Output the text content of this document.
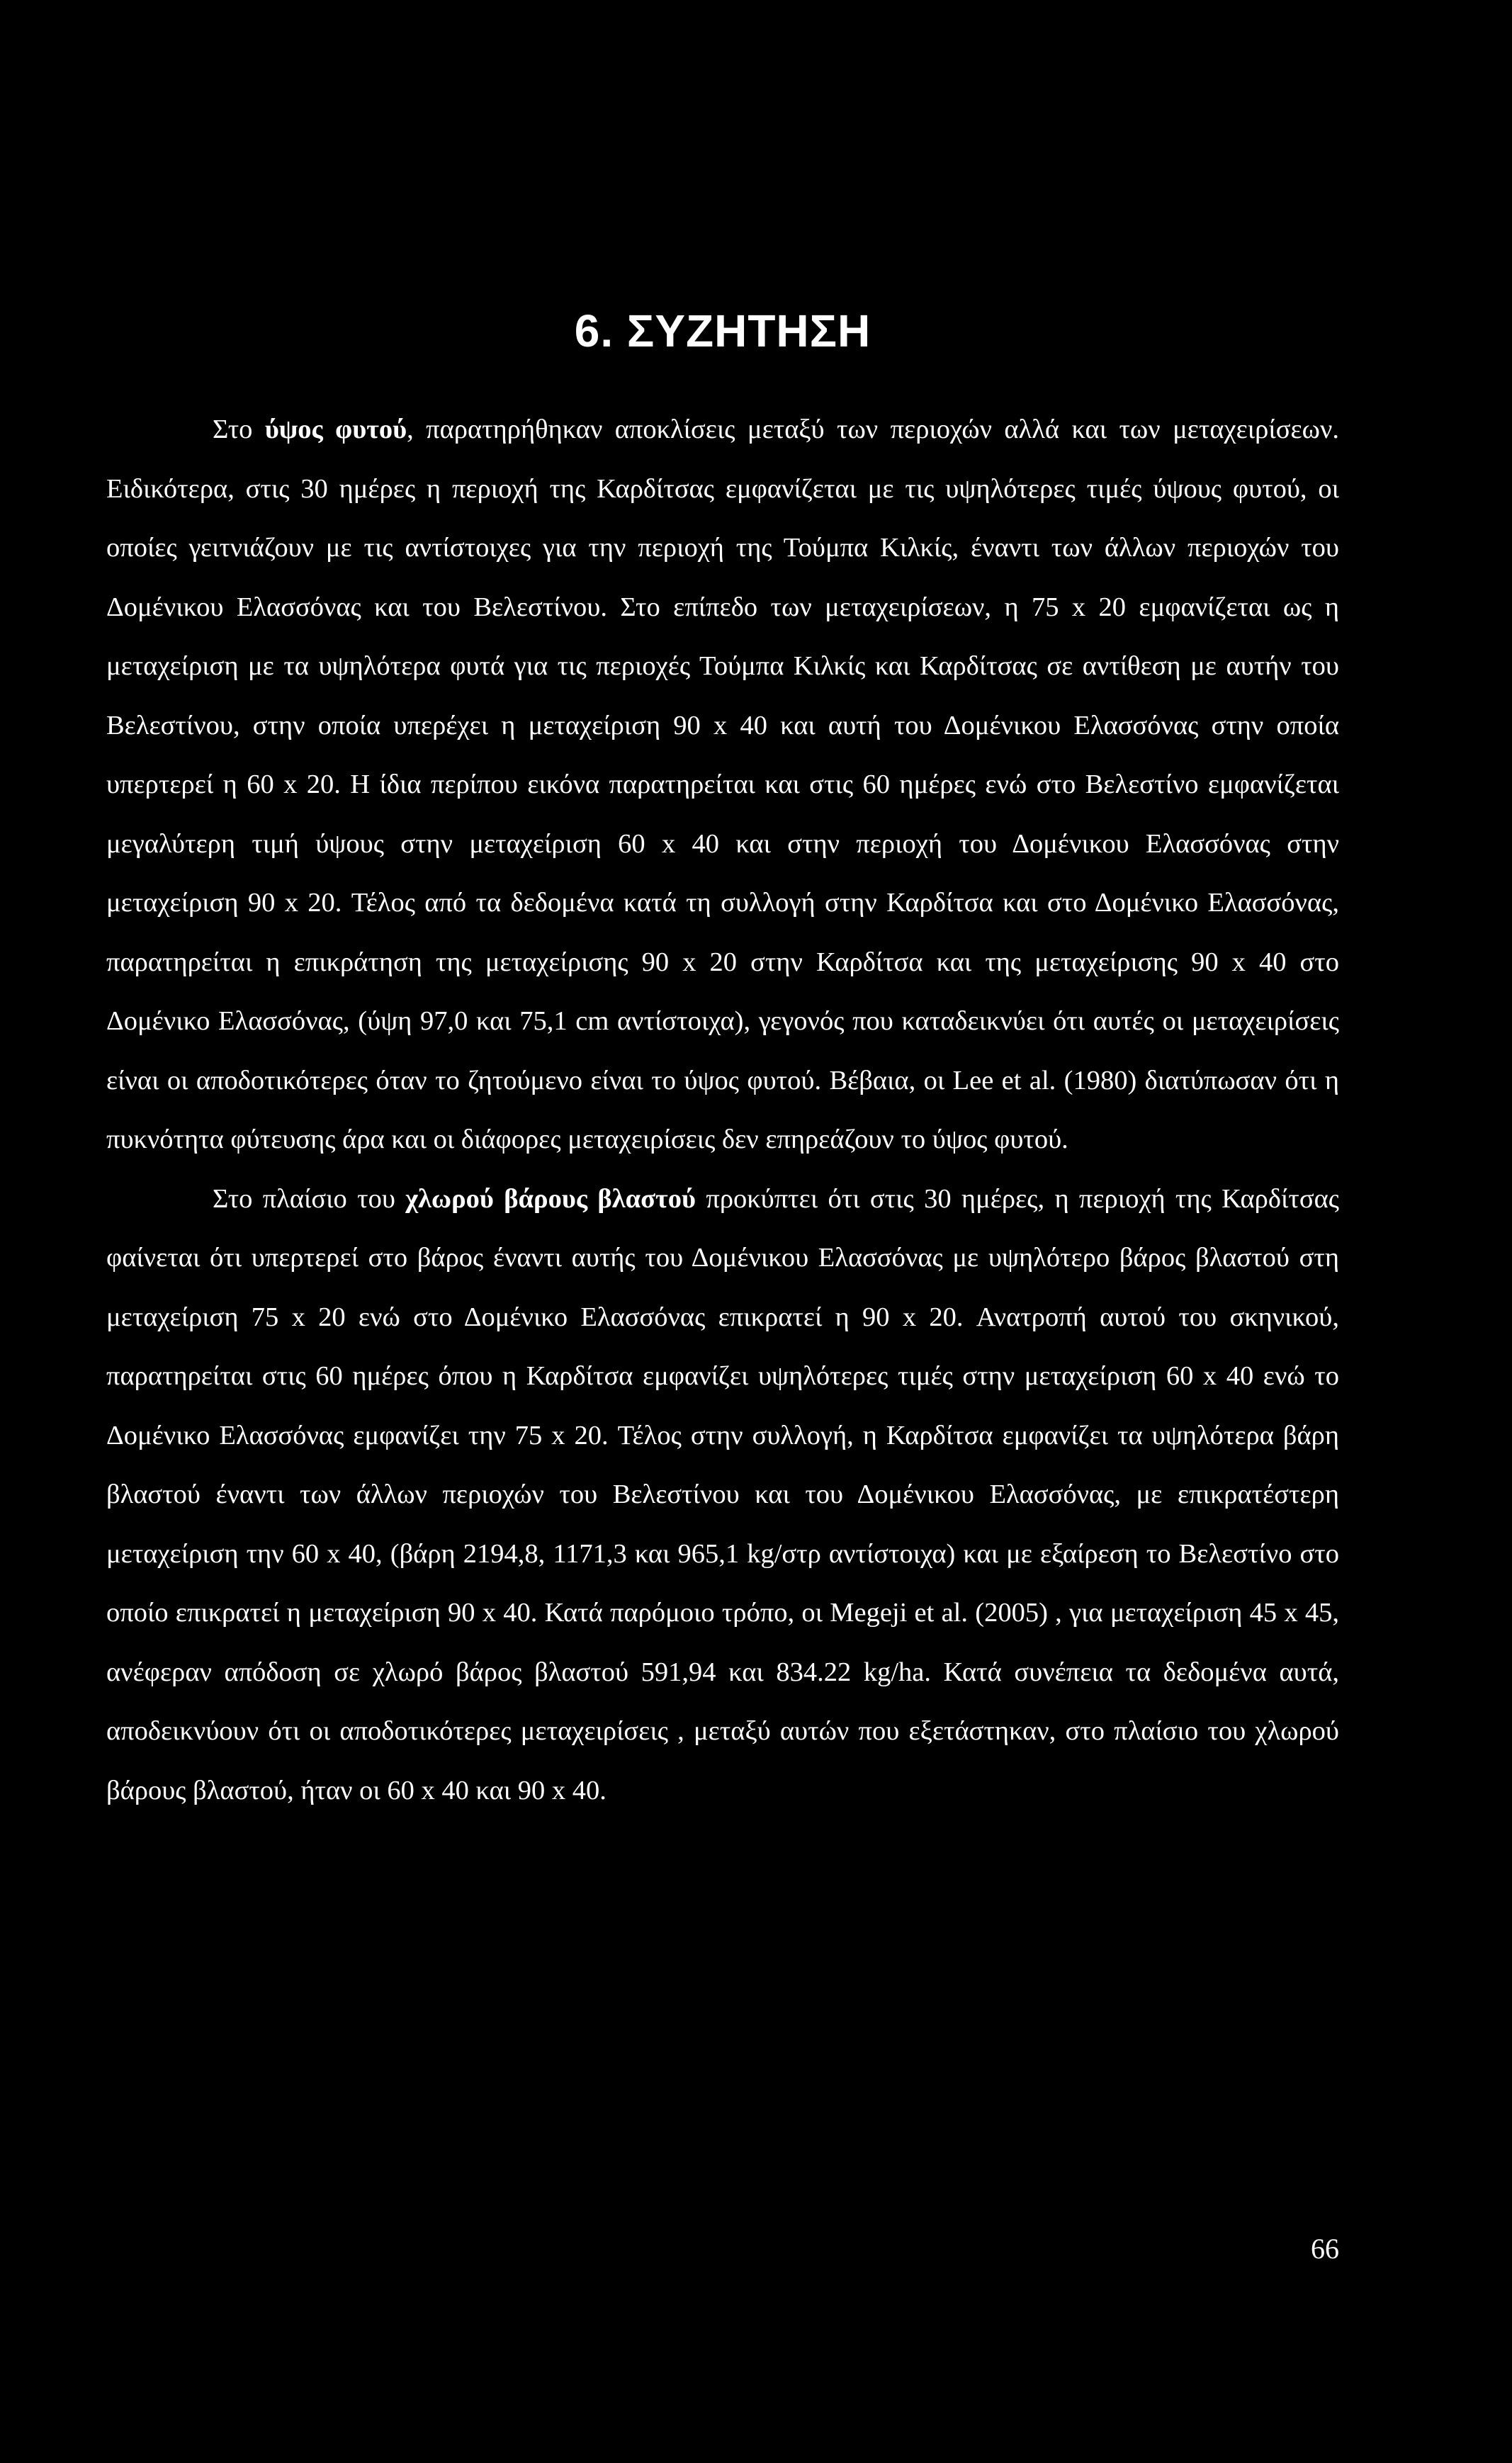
6. ΣΥΖΗΤΗΣΗ

Στο ύψος φυτού, παρατηρήθηκαν αποκλίσεις μεταξύ των περιοχών αλλά και των μεταχειρίσεων. Ειδικότερα, στις 30 ημέρες η περιοχή της Καρδίτσας εμφανίζεται με τις υψηλότερες τιμές ύψους φυτού, οι οποίες γειτνιάζουν με τις αντίστοιχες για την περιοχή της Τούμπα Κιλκίς, έναντι των άλλων περιοχών του Δομένικου Ελασσόνας και του Βελεστίνου. Στο επίπεδο των μεταχειρίσεων, η 75 x 20 εμφανίζεται ως η μεταχείριση με τα υψηλότερα φυτά για τις περιοχές Τούμπα Κιλκίς και Καρδίτσας σε αντίθεση με αυτήν του Βελεστίνου, στην οποία υπερέχει η μεταχείριση 90 x 40 και αυτή του Δομένικου Ελασσόνας στην οποία υπερτερεί η 60 x 20. Η ίδια περίπου εικόνα παρατηρείται και στις 60 ημέρες ενώ στο Βελεστίνο εμφανίζεται μεγαλύτερη τιμή ύψους στην μεταχείριση 60 x 40 και στην περιοχή του Δομένικου Ελασσόνας στην μεταχείριση 90 x 20. Τέλος από τα δεδομένα κατά τη συλλογή στην Καρδίτσα και στο Δομένικο Ελασσόνας, παρατηρείται η επικράτηση της μεταχείρισης 90 x 20 στην Καρδίτσα και της μεταχείρισης 90 x 40 στο Δομένικο Ελασσόνας, (ύψη 97,0 και 75,1 cm αντίστοιχα), γεγονός που καταδεικνύει ότι αυτές οι μεταχειρίσεις είναι οι αποδοτικότερες όταν το ζητούμενο είναι το ύψος φυτού. Βέβαια, οι Lee et al. (1980) διατύπωσαν ότι η πυκνότητα φύτευσης άρα και οι διάφορες μεταχειρίσεις δεν επηρεάζουν το ύψος φυτού.

Στο πλαίσιο του χλωρού βάρους βλαστού προκύπτει ότι στις 30 ημέρες, η περιοχή της Καρδίτσας φαίνεται ότι υπερτερεί στο βάρος έναντι αυτής του Δομένικου Ελασσόνας με υψηλότερο βάρος βλαστού στη μεταχείριση 75 x 20 ενώ στο Δομένικο Ελασσόνας επικρατεί η 90 x 20. Ανατροπή αυτού του σκηνικού, παρατηρείται στις 60 ημέρες όπου η Καρδίτσα εμφανίζει υψηλότερες τιμές στην μεταχείριση 60 x 40 ενώ το Δομένικο Ελασσόνας εμφανίζει την 75 x 20. Τέλος στην συλλογή, η Καρδίτσα εμφανίζει τα υψηλότερα βάρη βλαστού έναντι των άλλων περιοχών του Βελεστίνου και του Δομένικου Ελασσόνας, με επικρατέστερη μεταχείριση την 60 x 40, (βάρη 2194,8, 1171,3 και 965,1 kg/στρ αντίστοιχα) και με εξαίρεση το Βελεστίνο στο οποίο επικρατεί η μεταχείριση 90 x 40. Κατά παρόμοιο τρόπο, οι Megeji et al. (2005) , για μεταχείριση 45 x 45, ανέφεραν απόδοση σε χλωρό βάρος βλαστού 591,94 και 834.22 kg/ha. Κατά συνέπεια τα δεδομένα αυτά, αποδεικνύουν ότι οι αποδοτικότερες μεταχειρίσεις , μεταξύ αυτών που εξετάστηκαν, στο πλαίσιο του χλωρού βάρους βλαστού, ήταν οι 60 x 40 και 90 x 40.

66
